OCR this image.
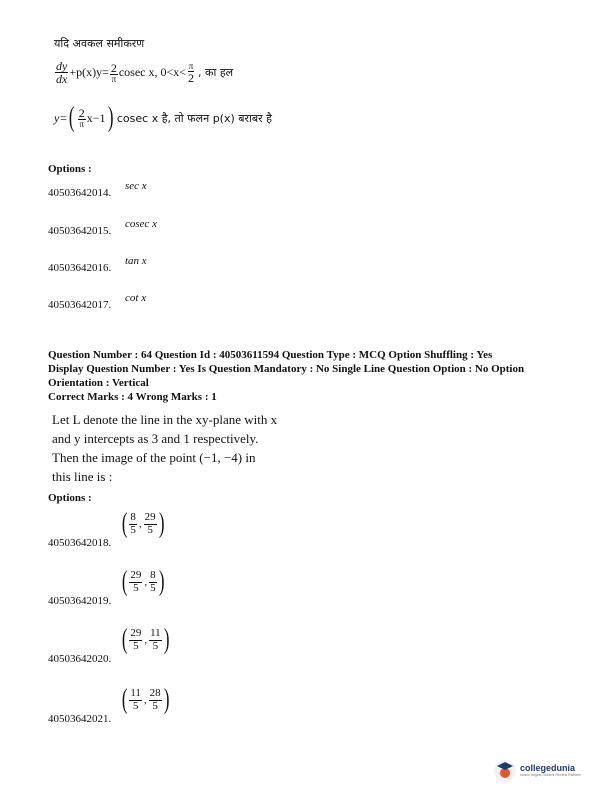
यदि अवकल समीकरण
$\frac{dy}{dx} +p(x)y= \frac{2}{\pi}$ cosec x, $0<x< \frac{\pi}{2}$ , का हल
y= ( $\frac{2}{\pi} x-1$ ) cosec x है, तो फलन p(x) बराबर है
Options :
40503642014.
sec x
40503642015.
cosec x
40503642016.
tan x
40503642017.
cot x
Question Number : 64 Question Id : 40503611594 Question Type : MCQ Option Shuffling : Yes
Display Question Number : Yes Is Question Mandatory : No Single Line Question Option : No Option
Orientation : Vertical
Correct Marks : 4 Wrong Marks : 1
Let L denote the line in the xy-plane with x
and y intercepts as 3 and 1 respectively.
Then the image of the point (−1, −4) in
this line is :
Options :
40503642018.
( 8
5 ,
29
5 )
40503642019.
( 29
5 ,
8
5 )
40503642020.
( 29
5 ,
11
5 )
40503642021.
( 11
5 ,
28
5 )
collegedunia
India's largest Student Review Platform
